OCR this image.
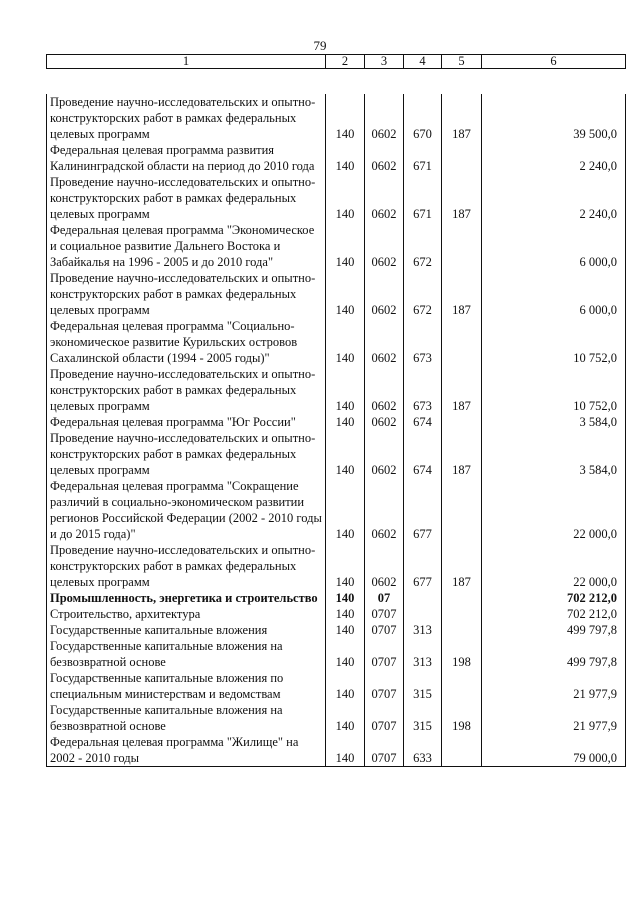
79
1	2	3	4	5	6
Проведение научно-исследовательских и опытно-конструкторских работ в рамках федеральных целевых программ	140	0602	670	187	39 500,0
Федеральная целевая программа развития Калининградской области на период до 2010 года	140	0602	671		2 240,0
Проведение научно-исследовательских и опытно-конструкторских работ в рамках федеральных целевых программ	140	0602	671	187	2 240,0
Федеральная целевая программа "Экономическое и социальное развитие Дальнего Востока и Забайкалья на 1996 - 2005 и до 2010 года"	140	0602	672		6 000,0
Проведение научно-исследовательских и опытно-конструкторских работ в рамках федеральных целевых программ	140	0602	672	187	6 000,0
Федеральная целевая программа "Социально-экономическое развитие Курильских островов Сахалинской области (1994 - 2005 годы)"	140	0602	673		10 752,0
Проведение научно-исследовательских и опытно-конструкторских работ в рамках федеральных целевых программ	140	0602	673	187	10 752,0
Федеральная целевая программа "Юг России"	140	0602	674		3 584,0
Проведение научно-исследовательских и опытно-конструкторских работ в рамках федеральных целевых программ	140	0602	674	187	3 584,0
Федеральная целевая программа "Сокращение различий в социально-экономическом развитии регионов Российской Федерации (2002 - 2010 годы и до 2015 года)"	140	0602	677		22 000,0
Проведение научно-исследовательских и опытно-конструкторских работ в рамках федеральных целевых программ	140	0602	677	187	22 000,0
Промышленность, энергетика и строительство	140	07			702 212,0
Строительство, архитектура	140	0707			702 212,0
Государственные капитальные вложения	140	0707	313		499 797,8
Государственные капитальные вложения на безвозвратной основе	140	0707	313	198	499 797,8
Государственные капитальные вложения по специальным министерствам и ведомствам	140	0707	315		21 977,9
Государственные капитальные вложения на безвозвратной основе	140	0707	315	198	21 977,9
Федеральная целевая программа "Жилище" на 2002 - 2010 годы	140	0707	633		79 000,0
